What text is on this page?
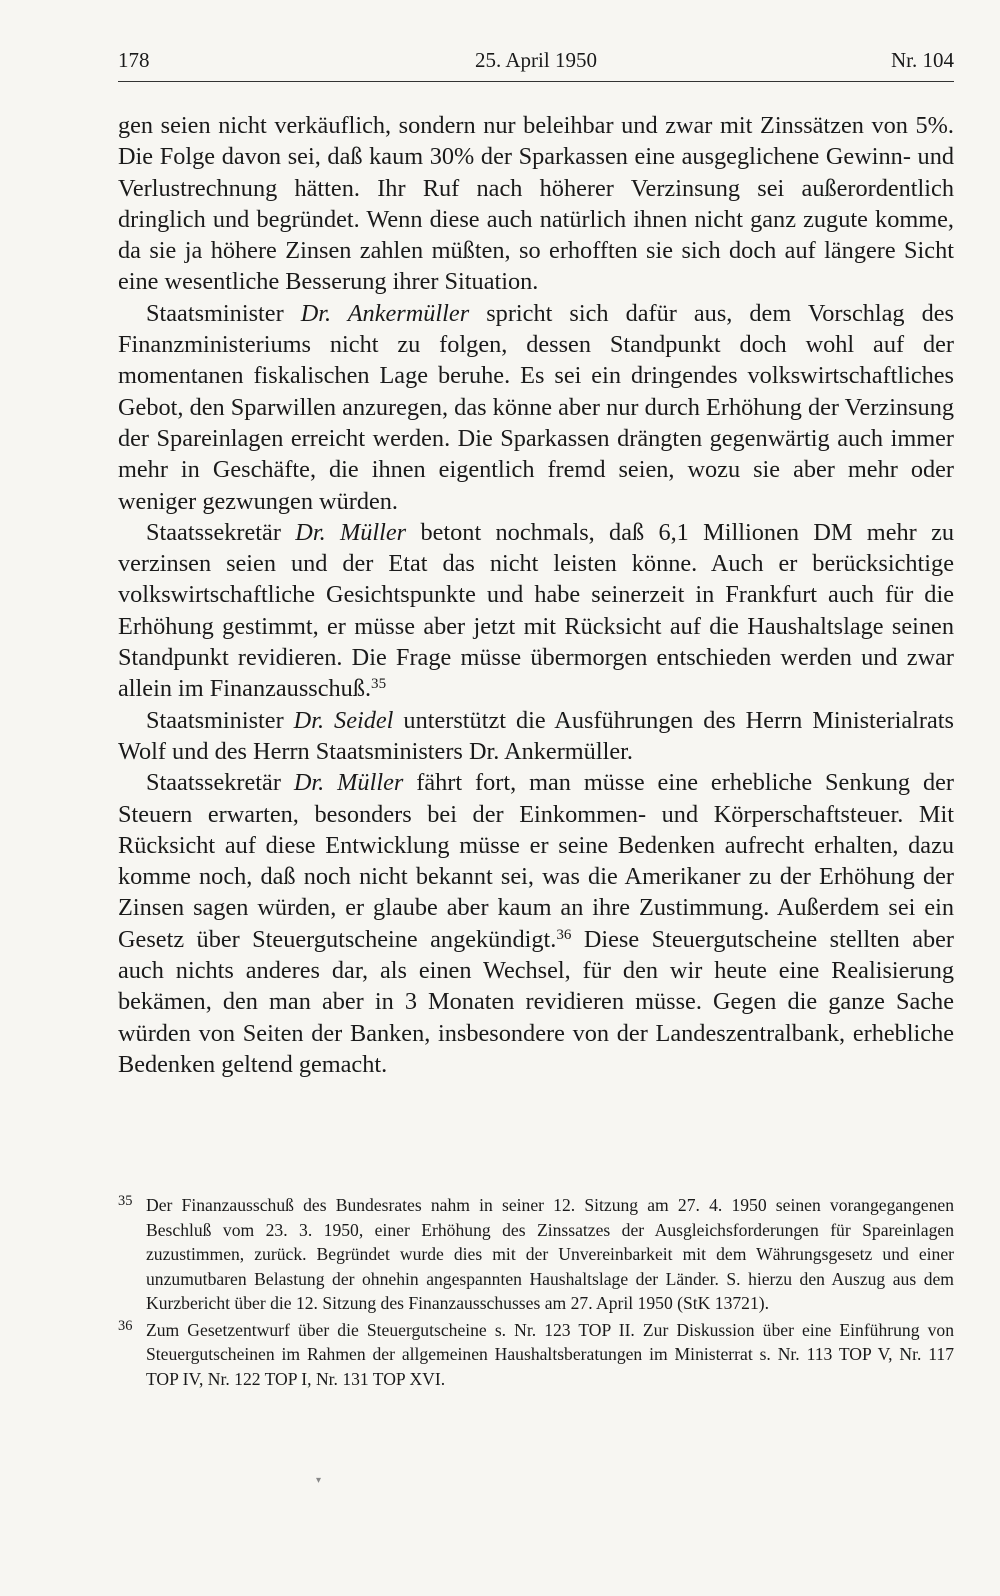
178	25. April 1950	Nr. 104

gen seien nicht verkäuflich, sondern nur beleihbar und zwar mit Zinssätzen von 5%. Die Folge davon sei, daß kaum 30% der Sparkassen eine ausgeglichene Gewinn- und Verlustrechnung hätten. Ihr Ruf nach höherer Verzinsung sei außerordentlich dringlich und begründet. Wenn diese auch natürlich ihnen nicht ganz zugute komme, da sie ja höhere Zinsen zahlen müßten, so erhofften sie sich doch auf längere Sicht eine wesentliche Besserung ihrer Situation.

Staatsminister Dr. Ankermüller spricht sich dafür aus, dem Vorschlag des Finanzministeriums nicht zu folgen, dessen Standpunkt doch wohl auf der momentanen fiskalischen Lage beruhe. Es sei ein dringendes volkswirtschaftliches Gebot, den Sparwillen anzuregen, das könne aber nur durch Erhöhung der Verzinsung der Spareinlagen erreicht werden. Die Sparkassen drängten gegenwärtig auch immer mehr in Geschäfte, die ihnen eigentlich fremd seien, wozu sie aber mehr oder weniger gezwungen würden.

Staatssekretär Dr. Müller betont nochmals, daß 6,1 Millionen DM mehr zu verzinsen seien und der Etat das nicht leisten könne. Auch er berücksichtige volkswirtschaftliche Gesichtspunkte und habe seinerzeit in Frankfurt auch für die Erhöhung gestimmt, er müsse aber jetzt mit Rücksicht auf die Haushaltslage seinen Standpunkt revidieren. Die Frage müsse übermorgen entschieden werden und zwar allein im Finanzausschuß.$^{35}$

Staatsminister Dr. Seidel unterstützt die Ausführungen des Herrn Ministerialrats Wolf und des Herrn Staatsministers Dr. Ankermüller.

Staatssekretär Dr. Müller fährt fort, man müsse eine erhebliche Senkung der Steuern erwarten, besonders bei der Einkommen- und Körperschaftsteuer. Mit Rücksicht auf diese Entwicklung müsse er seine Bedenken aufrecht erhalten, dazu komme noch, daß noch nicht bekannt sei, was die Amerikaner zu der Erhöhung der Zinsen sagen würden, er glaube aber kaum an ihre Zustimmung. Außerdem sei ein Gesetz über Steuergutscheine angekündigt.$^{36}$ Diese Steuergutscheine stellten aber auch nichts anderes dar, als einen Wechsel, für den wir heute eine Realisierung bekämen, den man aber in 3 Monaten revidieren müsse. Gegen die ganze Sache würden von Seiten der Banken, insbesondere von der Landeszentralbank, erhebliche Bedenken geltend gemacht.

35 Der Finanzausschuß des Bundesrates nahm in seiner 12. Sitzung am 27. 4. 1950 seinen vorangegangenen Beschluß vom 23. 3. 1950, einer Erhöhung des Zinssatzes der Ausgleichsforderungen für Spareinlagen zuzustimmen, zurück. Begründet wurde dies mit der Unvereinbarkeit mit dem Währungsgesetz und einer unzumutbaren Belastung der ohnehin angespannten Haushaltslage der Länder. S. hierzu den Auszug aus dem Kurzbericht über die 12. Sitzung des Finanzausschusses am 27. April 1950 (StK 13721).
36 Zum Gesetzentwurf über die Steuergutscheine s. Nr. 123 TOP II. Zur Diskussion über eine Einführung von Steuergutscheinen im Rahmen der allgemeinen Haushaltsberatungen im Ministerrat s. Nr. 113 TOP V, Nr. 117 TOP IV, Nr. 122 TOP I, Nr. 131 TOP XVI.
▾
